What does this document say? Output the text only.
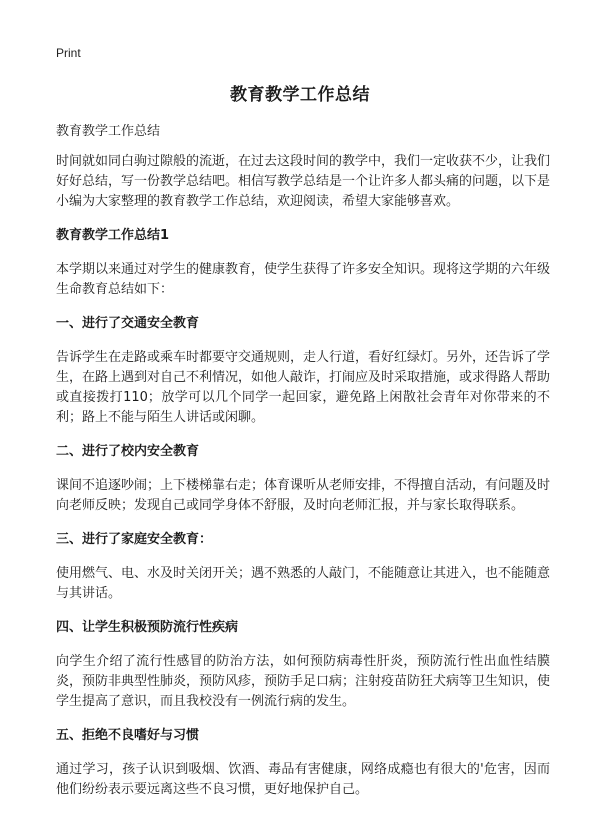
Print
教育教学工作总结

教育教学工作总结

时间就如同白驹过隙般的流逝，在过去这段时间的教学中，我们一定收获不少，让我们好好总结，写一份教学总结吧。相信写教学总结是一个让许多人都头痛的问题，以下是小编为大家整理的教育教学工作总结，欢迎阅读，希望大家能够喜欢。

教育教学工作总结1

本学期以来通过对学生的健康教育，使学生获得了许多安全知识。现将这学期的六年级生命教育总结如下：

一、进行了交通安全教育

告诉学生在走路或乘车时都要守交通规则，走人行道，看好红绿灯。另外，还告诉了学生，在路上遇到对自己不利情况，如他人敲诈，打闹应及时采取措施，或求得路人帮助或直接拨打110；放学可以几个同学一起回家，避免路上闲散社会青年对你带来的不利；路上不能与陌生人讲话或闲聊。

二、进行了校内安全教育

课间不追逐吵闹；上下楼梯靠右走；体育课听从老师安排，不得擅自活动，有问题及时向老师反映；发现自己或同学身体不舒服，及时向老师汇报，并与家长取得联系。

三、进行了家庭安全教育：

使用燃气、电、水及时关闭开关；遇不熟悉的人敲门，不能随意让其进入，也不能随意与其讲话。

四、让学生积极预防流行性疾病

向学生介绍了流行性感冒的防治方法，如何预防病毒性肝炎，预防流行性出血性结膜炎，预防非典型性肺炎，预防风疹，预防手足口病；注射疫苗防狂犬病等卫生知识，使学生提高了意识，而且我校没有一例流行病的发生。

五、拒绝不良嗜好与习惯

通过学习，孩子认识到吸烟、饮酒、毒品有害健康，网络成瘾也有很大的'危害，因而他们纷纷表示要远离这些不良习惯，更好地保护自己。
